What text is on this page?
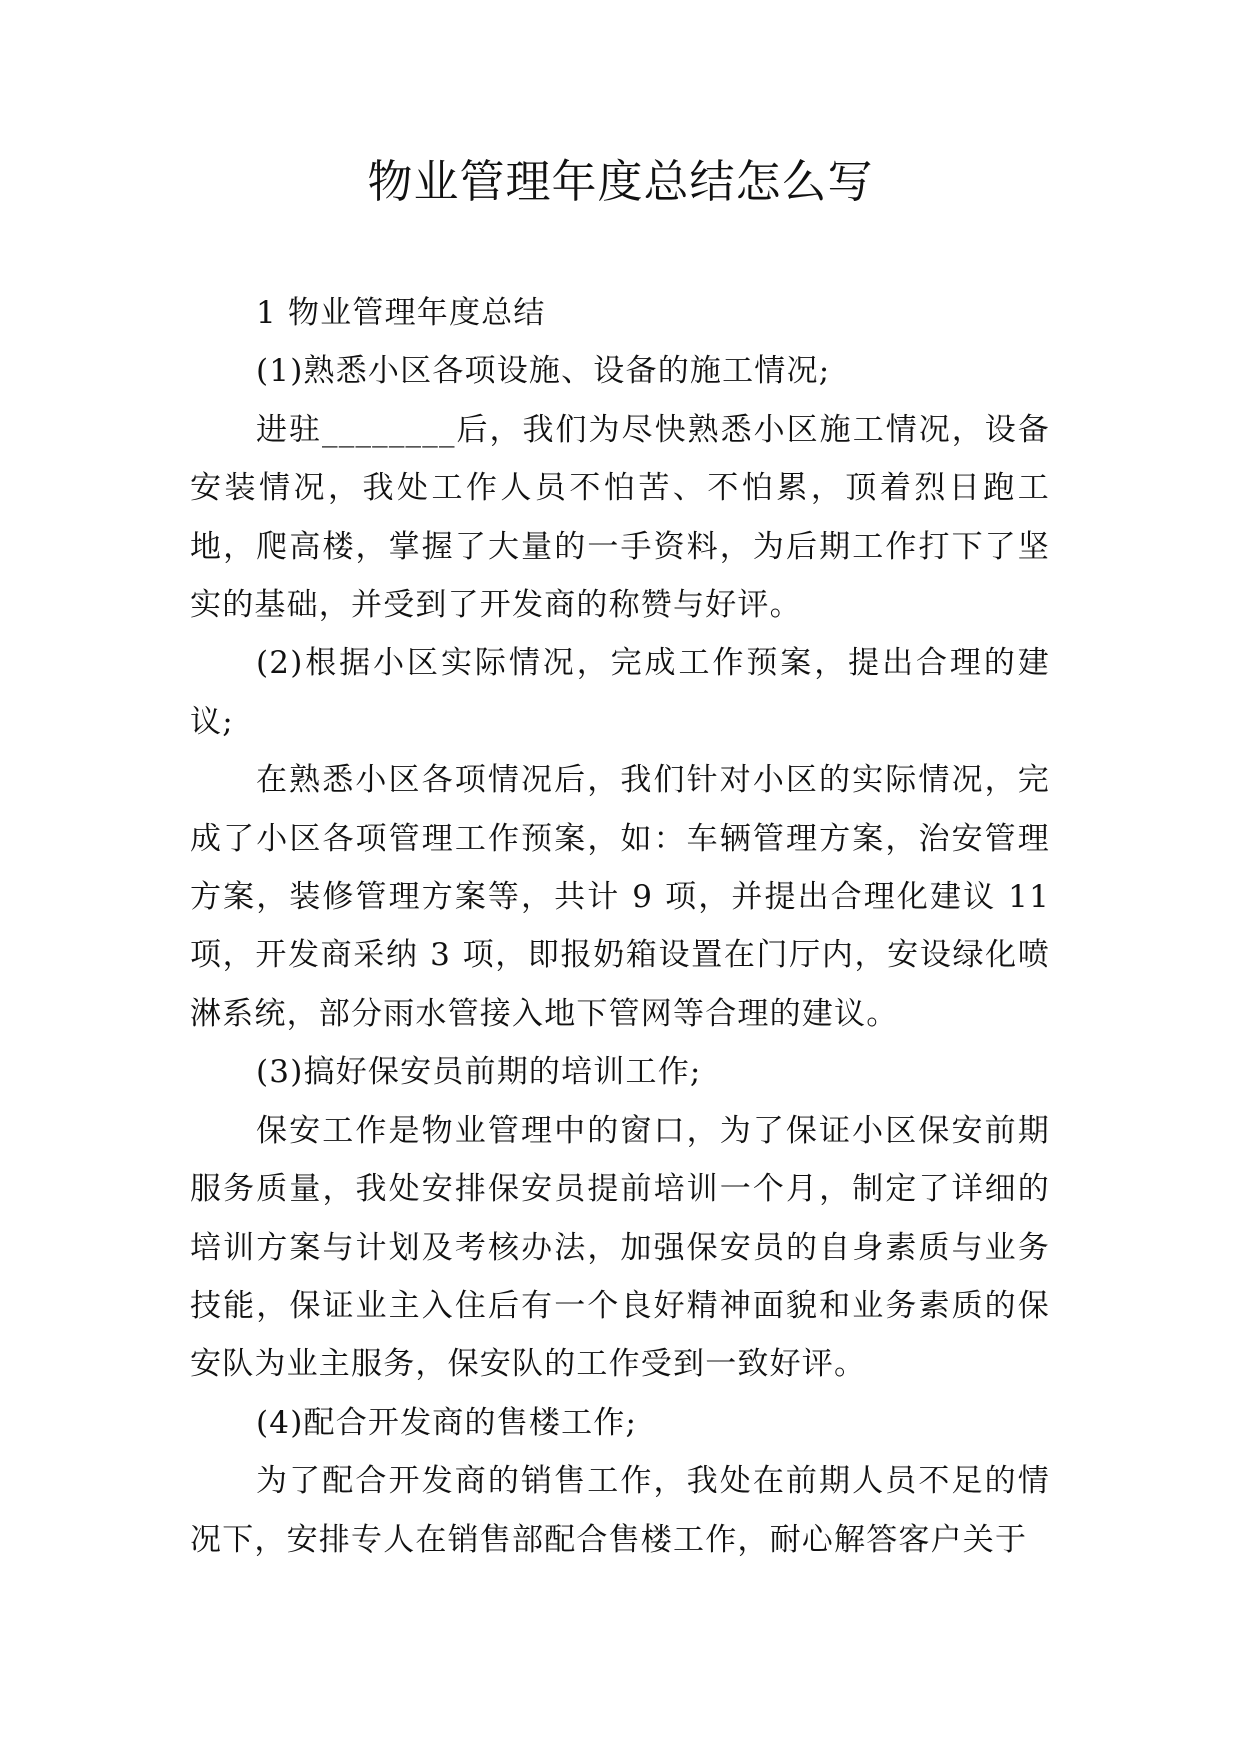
物业管理年度总结怎么写

1 物业管理年度总结

(1)熟悉小区各项设施、设备的施工情况;

进驻________后，我们为尽快熟悉小区施工情况，设备安装情况，我处工作人员不怕苦、不怕累，顶着烈日跑工地，爬高楼，掌握了大量的一手资料，为后期工作打下了坚实的基础，并受到了开发商的称赞与好评。

(2)根据小区实际情况，完成工作预案，提出合理的建议;

在熟悉小区各项情况后，我们针对小区的实际情况，完成了小区各项管理工作预案，如：车辆管理方案，治安管理方案，装修管理方案等，共计 9 项，并提出合理化建议 11 项，开发商采纳 3 项，即报奶箱设置在门厅内，安设绿化喷淋系统，部分雨水管接入地下管网等合理的建议。

(3)搞好保安员前期的培训工作;

保安工作是物业管理中的窗口，为了保证小区保安前期服务质量，我处安排保安员提前培训一个月，制定了详细的培训方案与计划及考核办法，加强保安员的自身素质与业务技能，保证业主入住后有一个良好精神面貌和业务素质的保安队为业主服务，保安队的工作受到一致好评。

(4)配合开发商的售楼工作;

为了配合开发商的销售工作，我处在前期人员不足的情况下，安排专人在销售部配合售楼工作，耐心解答客户关于
